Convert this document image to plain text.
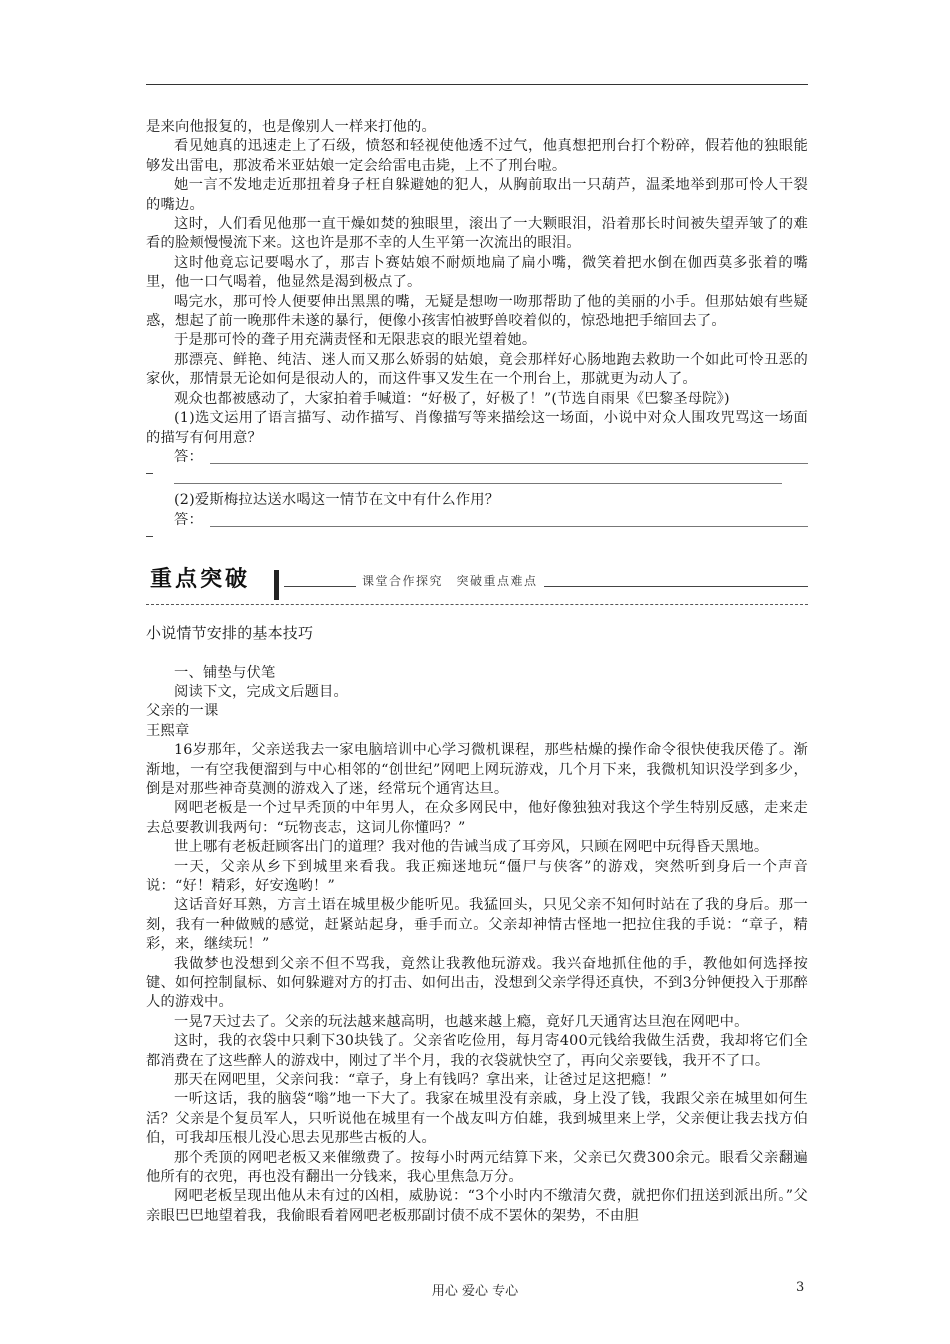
是来向他报复的，也是像别人一样来打他的。

看见她真的迅速走上了石级，愤怒和轻视使他透不过气，他真想把刑台打个粉碎，假若他的独眼能够发出雷电，那波希米亚姑娘一定会给雷电击毙，上不了刑台啦。

她一言不发地走近那扭着身子枉自躲避她的犯人，从胸前取出一只葫芦，温柔地举到那可怜人干裂的嘴边。

这时，人们看见他那一直干燥如焚的独眼里，滚出了一大颗眼泪，沿着那长时间被失望弄皱了的难看的脸颊慢慢流下来。这也许是那不幸的人生平第一次流出的眼泪。

这时他竟忘记要喝水了，那吉卜赛姑娘不耐烦地扁了扁小嘴，微笑着把水倒在伽西莫多张着的嘴里，他一口气喝着，他显然是渴到极点了。

喝完水，那可怜人便要伸出黑黑的嘴，无疑是想吻一吻那帮助了他的美丽的小手。但那姑娘有些疑惑，想起了前一晚那件未遂的暴行，便像小孩害怕被野兽咬着似的，惊恐地把手缩回去了。

于是那可怜的聋子用充满责怪和无限悲哀的眼光望着她。

那漂亮、鲜艳、纯洁、迷人而又那么娇弱的姑娘，竟会那样好心肠地跑去救助一个如此可怜丑恶的家伙，那情景无论如何是很动人的，而这件事又发生在一个刑台上，那就更为动人了。

观众也都被感动了，大家拍着手喊道：“好极了，好极了！”(节选自雨果《巴黎圣母院》)

(1)选文运用了语言描写、动作描写、肖像描写等来描绘这一场面，小说中对众人围攻咒骂这一场面的描写有何用意？

答：

(2)爱斯梅拉达送水喝这一情节在文中有什么作用？

答：
重点突破	课堂合作探究　突破重点难点

小说情节安排的基本技巧

一、铺垫与伏笔

阅读下文，完成文后题目。

父亲的一课

王熙章

16岁那年，父亲送我去一家电脑培训中心学习微机课程，那些枯燥的操作命令很快使我厌倦了。渐渐地，一有空我便溜到与中心相邻的“创世纪”网吧上网玩游戏，几个月下来，我微机知识没学到多少，倒是对那些神奇莫测的游戏入了迷，经常玩个通宵达旦。

网吧老板是一个过早秃顶的中年男人，在众多网民中，他好像独独对我这个学生特别反感，走来走去总要教训我两句：“玩物丧志，这词儿你懂吗？”

世上哪有老板赶顾客出门的道理？我对他的告诫当成了耳旁风，只顾在网吧中玩得昏天黑地。

一天，父亲从乡下到城里来看我。我正痴迷地玩“僵尸与侠客”的游戏，突然听到身后一个声音说：“好！精彩，好安逸哟！”

这话音好耳熟，方言土语在城里极少能听见。我猛回头，只见父亲不知何时站在了我的身后。那一刻，我有一种做贼的感觉，赶紧站起身，垂手而立。父亲却神情古怪地一把拉住我的手说：“章子，精彩，来，继续玩！”

我做梦也没想到父亲不但不骂我，竟然让我教他玩游戏。我兴奋地抓住他的手，教他如何选择按键、如何控制鼠标、如何躲避对方的打击、如何出击，没想到父亲学得还真快，不到3分钟便投入于那醉人的游戏中。

一晃7天过去了。父亲的玩法越来越高明，也越来越上瘾，竟好几天通宵达旦泡在网吧中。

这时，我的衣袋中只剩下30块钱了。父亲省吃俭用，每月寄400元钱给我做生活费，我却将它们全都消费在了这些醉人的游戏中，刚过了半个月，我的衣袋就快空了，再向父亲要钱，我开不了口。

那天在网吧里，父亲问我：“章子，身上有钱吗？拿出来，让爸过足这把瘾！”

一听这话，我的脑袋“嗡”地一下大了。我家在城里没有亲戚，身上没了钱，我跟父亲在城里如何生活？父亲是个复员军人，只听说他在城里有一个战友叫方伯雄，我到城里来上学，父亲便让我去找方伯伯，可我却压根儿没心思去见那些古板的人。

那个秃顶的网吧老板又来催缴费了。按每小时两元结算下来，父亲已欠费300余元。眼看父亲翻遍他所有的衣兜，再也没有翻出一分钱来，我心里焦急万分。

网吧老板呈现出他从未有过的凶相，威胁说：“3个小时内不缴清欠费，就把你们扭送到派出所。”父亲眼巴巴地望着我，我偷眼看着网吧老板那副讨债不成不罢休的架势，不由胆

用心 爱心 专心	3
